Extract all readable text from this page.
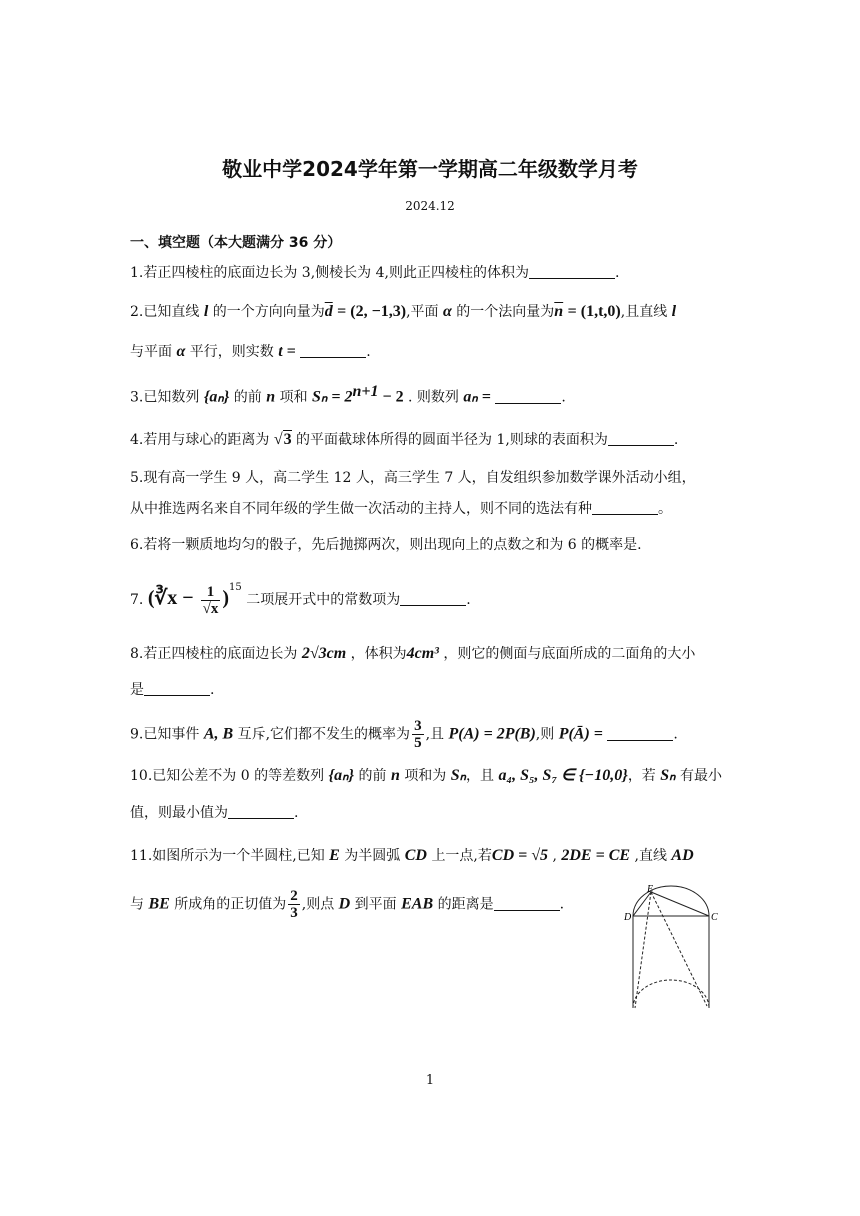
敬业中学2024学年第一学期高二年级数学月考
2024.12
一、填空题（本大题满分 36 分）
1.若正四棱柱的底面边长为 3,侧棱长为 4,则此正四棱柱的体积为	.
2.已知直线 l 的一个方向向量为$\overline{d} = (2$, −1,3),平面 α 的一个法向量为$\overline{n} = (1,t,0)$,且直线 l
与平面 α 平行，则实数 t =	.
3.已知数列 {aₙ} 的前 n 项和 $S_n = 2^{n+1} - 2$ . 则数列 aₙ =	.
4.若用与球心的距离为 √3 的平面截球体所得的圆面半径为 1,则球的表面积为	.
5.现有高一学生 9 人，高二学生 12 人，高三学生 7 人，自发组织参加数学课外活动小组，
从中推选两名来自不同年级的学生做一次活动的主持人，则不同的选法有种	。
6.若将一颗质地均匀的骰子，先后抛掷两次，则出现向上的点数之和为 6 的概率是.
7. (∛x − $\frac{1}{√x} )^{15}$ 二项展开式中的常数项为	.
8.若正四棱柱的底面边长为 2√3cm ，体积为4cm³ ，则它的侧面与底面所成的二面角的大小
是	.
9.已知事件 A, B 互斥,它们都不发生的概率为 $\frac{3}{5}$ ,且 P(A) = 2P(B),则 P(Ā) =	.
10.已知公差不为 0 的等差数列 {aₙ} 的前 n 项和为 Sₙ，且 a₄, S₅, S₇ ∈ {−10,0}，若 Sₙ 有最小
值，则最小值为	.
11.如图所示为一个半圆柱,已知 E 为半圆弧 CD 上一点,若CD = √5 , 2DE = CE ,直线 AD
与 BE 所成角的正切值为 $\frac{2}{3}$ ,则点 D 到平面 EAB 的距离是	.
E
D	C
1
